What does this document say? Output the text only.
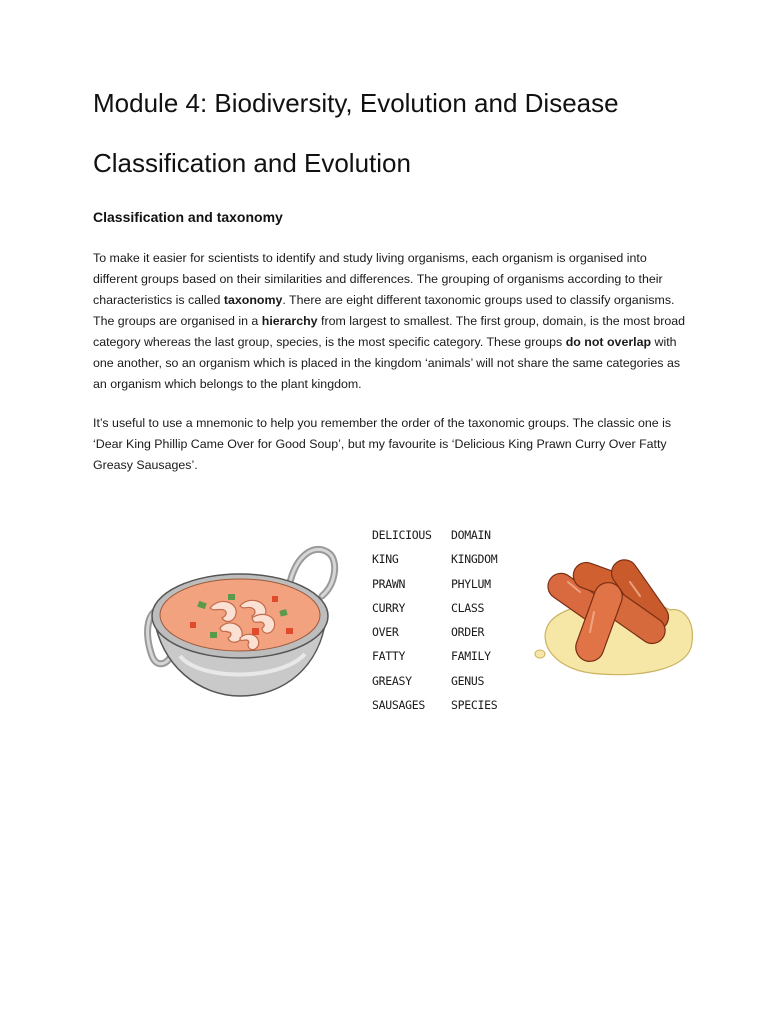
Module 4: Biodiversity, Evolution and Disease
Classification and Evolution
Classification and taxonomy

To make it easier for scientists to identify and study living organisms, each organism is organised into different groups based on their similarities and differences. The grouping of organisms according to their characteristics is called taxonomy. There are eight different taxonomic groups used to classify organisms. The groups are organised in a hierarchy from largest to smallest. The first group, domain, is the most broad category whereas the last group, species, is the most specific category. These groups do not overlap with one another, so an organism which is placed in the kingdom ‘animals’ will not share the same categories as an organism which belongs to the plant kingdom.

It’s useful to use a mnemonic to help you remember the order of the taxonomic groups. The classic one is ‘Dear King Phillip Came Over for Good Soup’, but my favourite is ‘Delicious King Prawn Curry Over Fatty Greasy Sausages’.

DELICIOUS
KING
PRAWN
CURRY
OVER
FATTY
GREASY
SAUSAGES
DOMAIN
KINGDOM
PHYLUM
CLASS
ORDER
FAMILY
GENUS
SPECIES
